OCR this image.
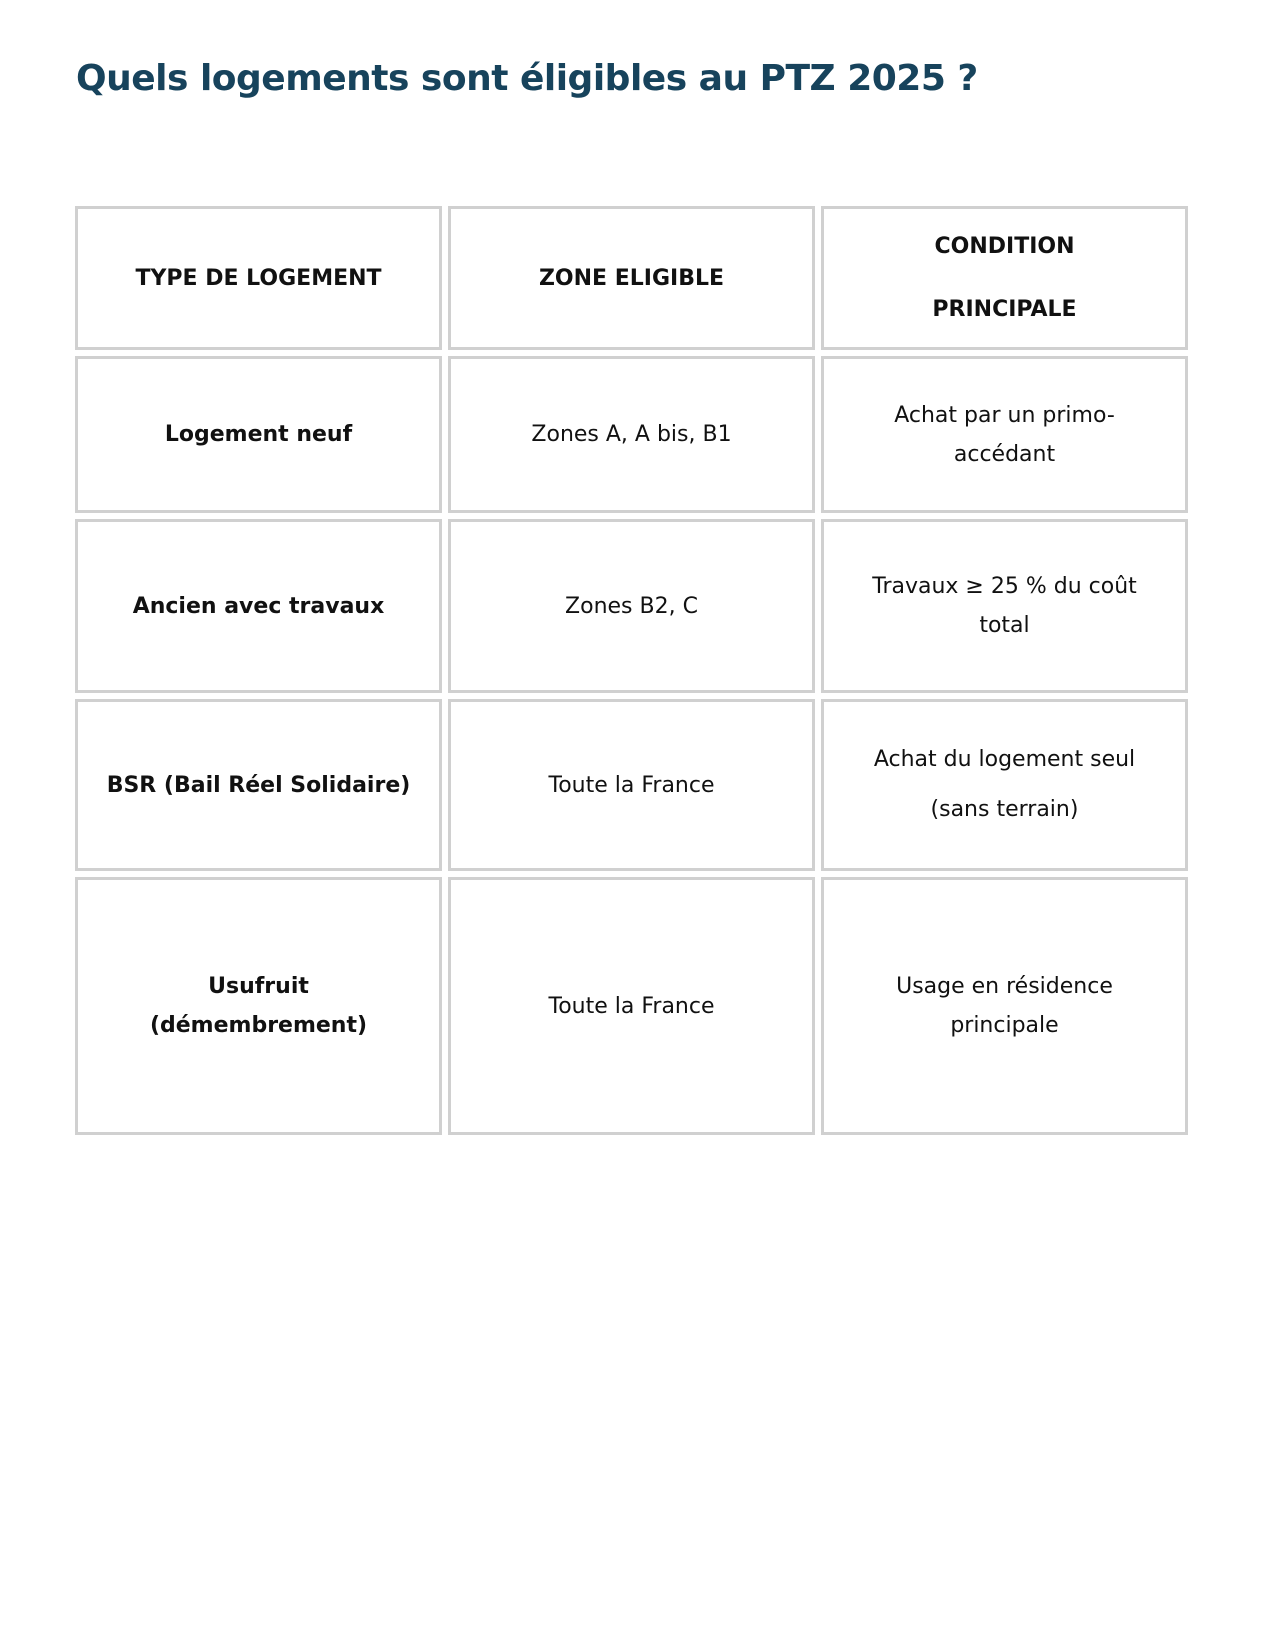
Quels logements sont éligibles au PTZ 2025 ?
TYPE DE LOGEMENT	ZONE ELIGIBLE	CONDITION PRINCIPALE
Logement neuf	Zones A, A bis, B1	Achat par un primo-accédant
Ancien avec travaux	Zones B2, C	Travaux ≥ 25 % du coût total
BSR (Bail Réel Solidaire)	Toute la France	Achat du logement seul (sans terrain)
Usufruit (démembrement)	Toute la France	Usage en résidence principale
